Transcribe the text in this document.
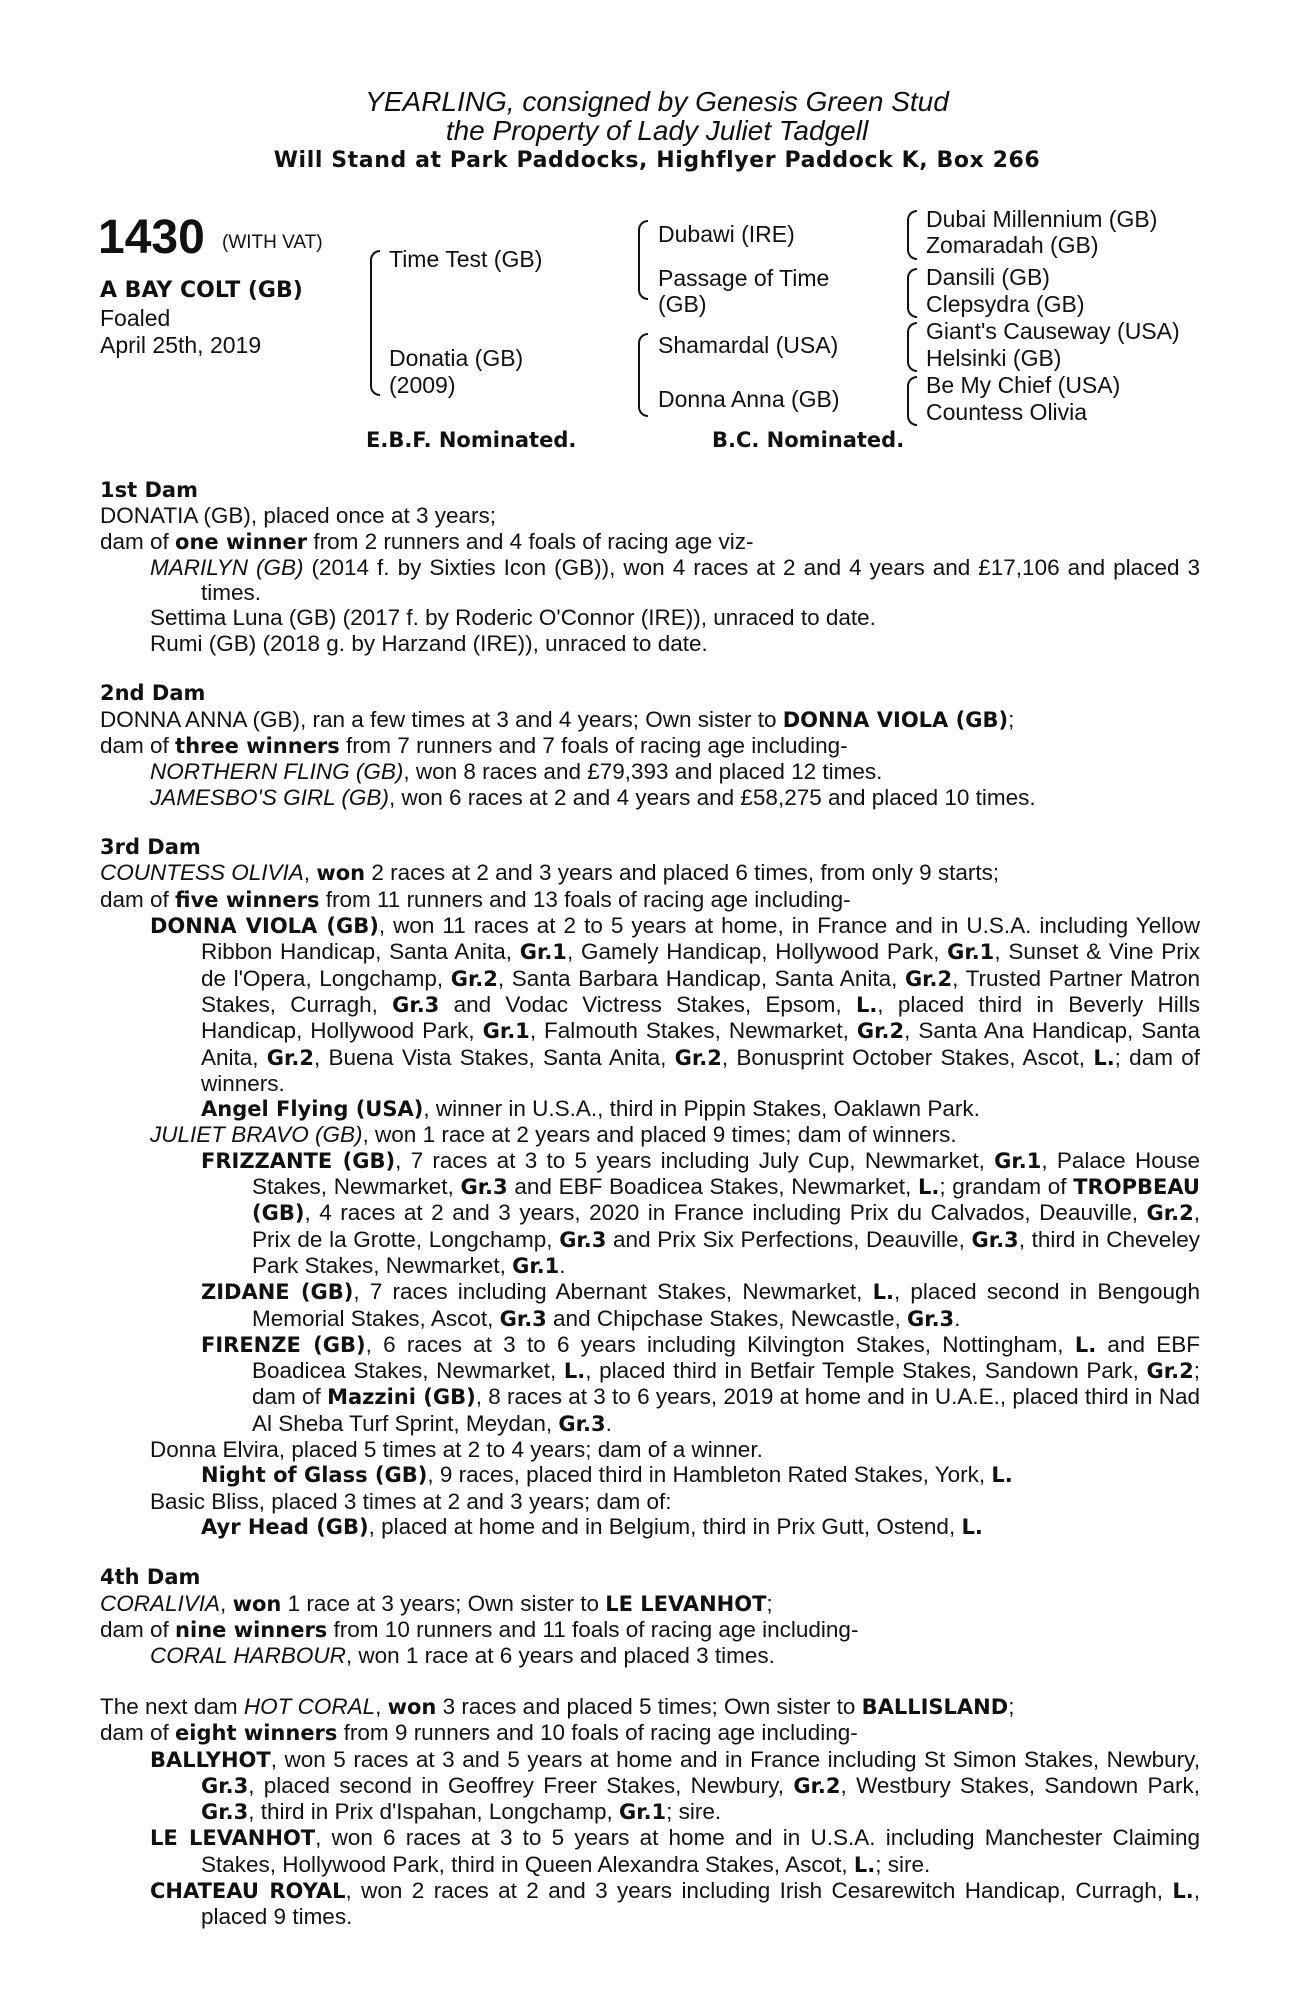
YEARLING, consigned by Genesis Green Stud
the Property of Lady Juliet Tadgell
Will Stand at Park Paddocks, Highflyer Paddock K, Box 266
1430 (WITH VAT)
A BAY COLT (GB)
Foaled
April 25th, 2019
Time Test (GB)
Donatia (GB)
(2009)
Dubawi (IRE)
Passage of Time
(GB)
Shamardal (USA)
Donna Anna (GB)
Dubai Millennium (GB)
Zomaradah (GB)
Dansili (GB)
Clepsydra (GB)
Giant's Causeway (USA)
Helsinki (GB)
Be My Chief (USA)
Countess Olivia
E.B.F. Nominated.	B.C. Nominated.
1st Dam
DONATIA (GB), placed once at 3 years;
dam of one winner from 2 runners and 4 foals of racing age viz-
MARILYN (GB) (2014 f. by Sixties Icon (GB)), won 4 races at 2 and 4 years and £17,106 and placed 3 times.
Settima Luna (GB) (2017 f. by Roderic O'Connor (IRE)), unraced to date.
Rumi (GB) (2018 g. by Harzand (IRE)), unraced to date.
2nd Dam
DONNA ANNA (GB), ran a few times at 3 and 4 years; Own sister to DONNA VIOLA (GB);
dam of three winners from 7 runners and 7 foals of racing age including-
NORTHERN FLING (GB), won 8 races and £79,393 and placed 12 times.
JAMESBO'S GIRL (GB), won 6 races at 2 and 4 years and £58,275 and placed 10 times.
3rd Dam
COUNTESS OLIVIA, won 2 races at 2 and 3 years and placed 6 times, from only 9 starts;
dam of five winners from 11 runners and 13 foals of racing age including-
DONNA VIOLA (GB), won 11 races at 2 to 5 years at home, in France and in U.S.A. including Yellow Ribbon Handicap, Santa Anita, Gr.1, Gamely Handicap, Hollywood Park, Gr.1, Sunset & Vine Prix de l'Opera, Longchamp, Gr.2, Santa Barbara Handicap, Santa Anita, Gr.2, Trusted Partner Matron Stakes, Curragh, Gr.3 and Vodac Victress Stakes, Epsom, L., placed third in Beverly Hills Handicap, Hollywood Park, Gr.1, Falmouth Stakes, Newmarket, Gr.2, Santa Ana Handicap, Santa Anita, Gr.2, Buena Vista Stakes, Santa Anita, Gr.2, Bonusprint October Stakes, Ascot, L.; dam of winners.
Angel Flying (USA), winner in U.S.A., third in Pippin Stakes, Oaklawn Park.
JULIET BRAVO (GB), won 1 race at 2 years and placed 9 times; dam of winners.
FRIZZANTE (GB), 7 races at 3 to 5 years including July Cup, Newmarket, Gr.1, Palace House Stakes, Newmarket, Gr.3 and EBF Boadicea Stakes, Newmarket, L.; grandam of TROPBEAU (GB), 4 races at 2 and 3 years, 2020 in France including Prix du Calvados, Deauville, Gr.2, Prix de la Grotte, Longchamp, Gr.3 and Prix Six Perfections, Deauville, Gr.3, third in Cheveley Park Stakes, Newmarket, Gr.1.
ZIDANE (GB), 7 races including Abernant Stakes, Newmarket, L., placed second in Bengough Memorial Stakes, Ascot, Gr.3 and Chipchase Stakes, Newcastle, Gr.3.
FIRENZE (GB), 6 races at 3 to 6 years including Kilvington Stakes, Nottingham, L. and EBF Boadicea Stakes, Newmarket, L., placed third in Betfair Temple Stakes, Sandown Park, Gr.2; dam of Mazzini (GB), 8 races at 3 to 6 years, 2019 at home and in U.A.E., placed third in Nad Al Sheba Turf Sprint, Meydan, Gr.3.
Donna Elvira, placed 5 times at 2 to 4 years; dam of a winner.
Night of Glass (GB), 9 races, placed third in Hambleton Rated Stakes, York, L.
Basic Bliss, placed 3 times at 2 and 3 years; dam of:
Ayr Head (GB), placed at home and in Belgium, third in Prix Gutt, Ostend, L.
4th Dam
CORALIVIA, won 1 race at 3 years; Own sister to LE LEVANHOT;
dam of nine winners from 10 runners and 11 foals of racing age including-
CORAL HARBOUR, won 1 race at 6 years and placed 3 times.
The next dam HOT CORAL, won 3 races and placed 5 times; Own sister to BALLISLAND;
dam of eight winners from 9 runners and 10 foals of racing age including-
BALLYHOT, won 5 races at 3 and 5 years at home and in France including St Simon Stakes, Newbury, Gr.3, placed second in Geoffrey Freer Stakes, Newbury, Gr.2, Westbury Stakes, Sandown Park, Gr.3, third in Prix d'Ispahan, Longchamp, Gr.1; sire.
LE LEVANHOT, won 6 races at 3 to 5 years at home and in U.S.A. including Manchester Claiming Stakes, Hollywood Park, third in Queen Alexandra Stakes, Ascot, L.; sire.
CHATEAU ROYAL, won 2 races at 2 and 3 years including Irish Cesarewitch Handicap, Curragh, L., placed 9 times.
